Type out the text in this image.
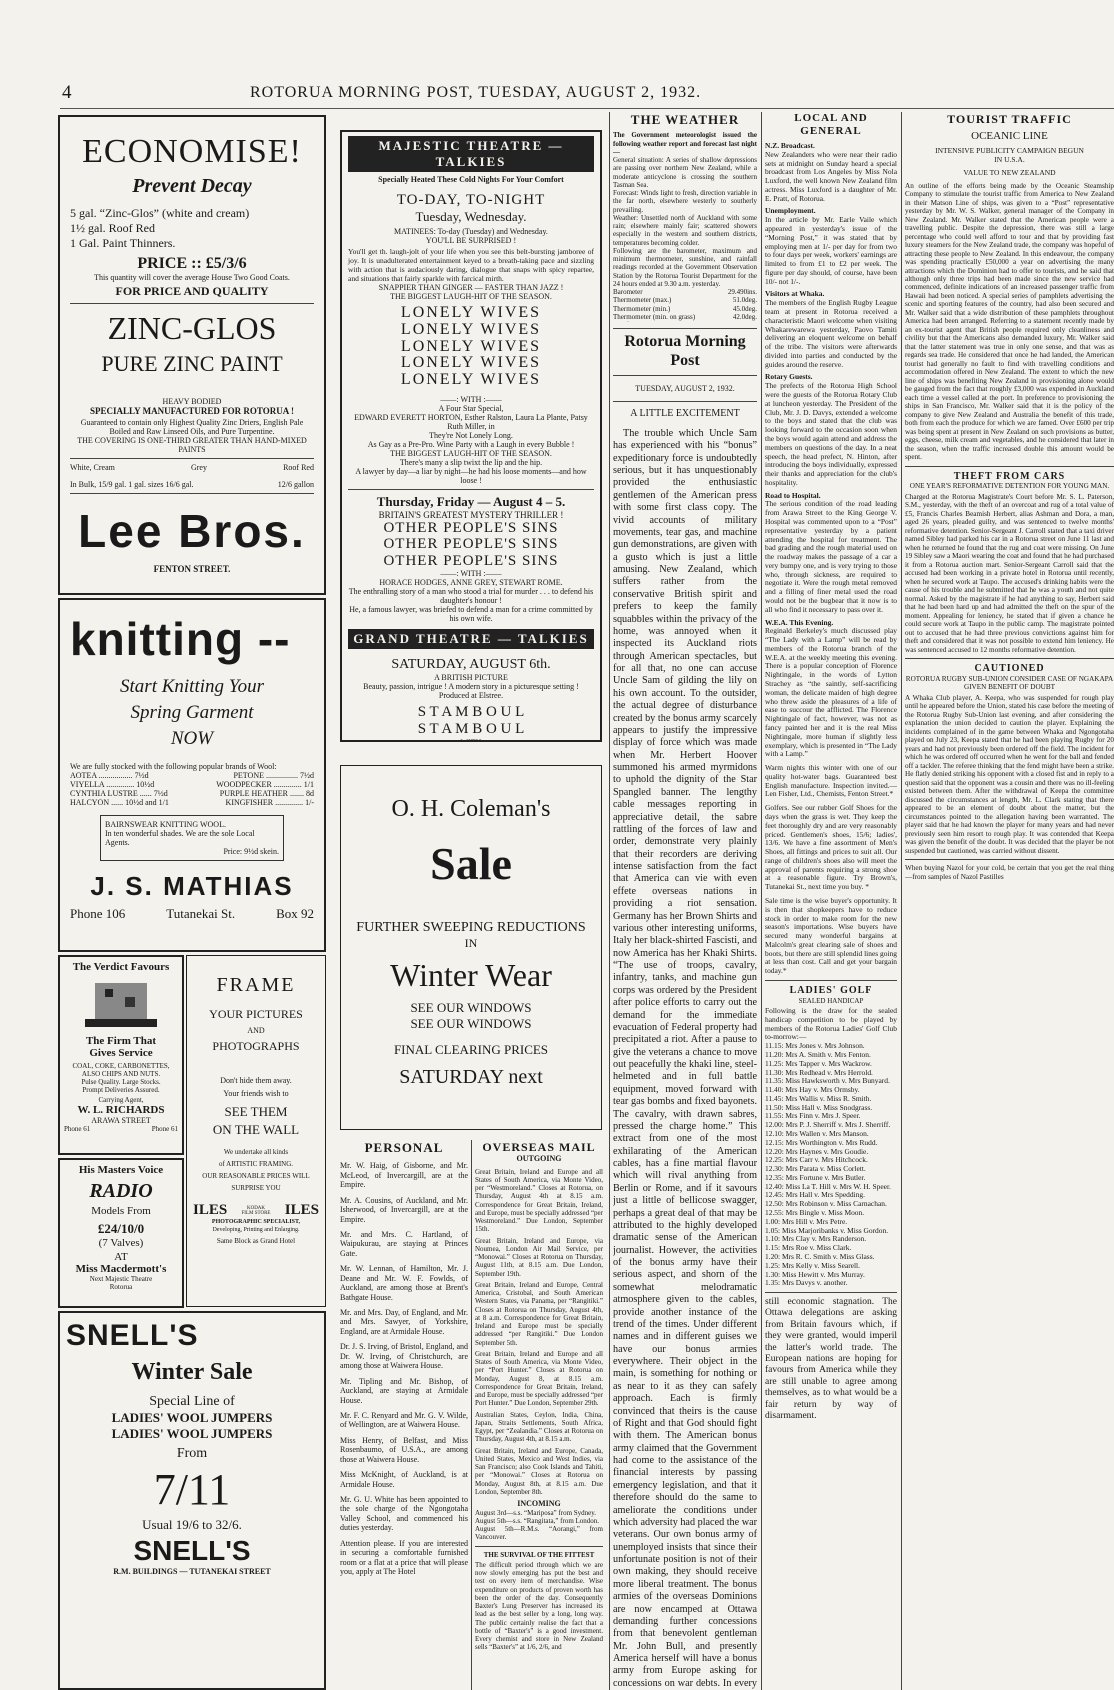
4	ROTORUA MORNING POST, TUESDAY, AUGUST 2, 1932.
ECONOMISE!
Prevent Decay
5 gal. “Zinc-Glos” (white and cream)
1½ gal. Roof Red
1 Gal. Paint Thinners.
PRICE :: £5/3/6
This quantity will cover the average House Two Good Coats.
FOR PRICE AND QUALITY
ZINC-GLOS
PURE ZINC PAINT
HEAVY BODIED
SPECIALLY MANUFACTURED FOR ROTORUA !
Guaranteed to contain only Highest Quality Zinc Driers, English Pale Boiled and Raw Linseed Oils, and Pure Turpentine.
THE COVERING IS ONE-THIRD GREATER THAN HAND-MIXED PAINTS
White, Cream	Grey	Roof Red
In Bulk, 15/9 gal. 1 gal. sizes 16/6 gal.	12/6 gallon
Lee Bros.
FENTON STREET.
knitting --
Start Knitting Your
Spring Garment
NOW
We are fully stocked with the following popular brands of Wool:
AOTEA ................. 7½d	PETONE ................ 7½d
VIYELLA .............. 10½d	WOODPECKER .............. 1/1
CYNTHIA LUSTRE ...... 7½d	PURPLE HEATHER ....... 8d
HALCYON ...... 10½d and 1/1	KINGFISHER .............. 1/-
BAIRNSWEAR KNITTING WOOL.
In ten wonderful shades. We are the sole Local Agents.
Price: 9½d skein.
J. S. MATHIAS
Phone 106	Tutanekai St.	Box 92
The Verdict Favours
The Firm That
Gives Service
COAL, COKE, CARBONETTES, ALSO CHIPS AND NUTS.
Pulse Quality. Large Stocks.
Prompt Deliveries Assured.
Carrying Agent,
W. L. RICHARDS
ARAWA STREET
Phone 61	Phone 61
FRAME
YOUR PICTURES
AND
PHOTOGRAPHS
Don't hide them away.
Your friends wish to
SEE THEM
ON THE WALL
We undertake all kinds
of ARTISTIC FRAMING.
OUR REASONABLE PRICES WILL
SURPRISE YOU
ILES	KODAK FILM STORE ILES
PHOTOGRAPHIC SPECIALIST,
Developing, Printing and Enlarging.
Same Block as Grand Hotel
His Masters Voice
RADIO
Models From
£24/10/0
(7 Valves)
AT
Miss Macdermott's
Next Majestic Theatre
Rotorua
SNELL'S
Winter Sale
Special Line of
LADIES' WOOL JUMPERS
LADIES' WOOL JUMPERS
From
7/11
Usual 19/6 to 32/6.
SNELL'S
R.M. BUILDINGS — TUTANEKAI STREET
MAJESTIC THEATRE — TALKIES
Specially Heated These Cold Nights For Your Comfort
TO-DAY, TO-NIGHT
Tuesday, Wednesday.
MATINEES: To-day (Tuesday) and Wednesday.
YOU'LL BE SURPRISED !
You'll get th. laugh-jolt of your life when you see this belt-bursting jamboree of joy. It is unadulterated entertainment keyed to a breath-taking pace and sizzling with action that is audaciously daring, dialogue that snaps with spicy repartee, and situations that fairly sparkle with farcical mirth.
SNAPPIER THAN GINGER — FASTER THAN JAZZ !
THE BIGGEST LAUGH-HIT OF THE SEASON.
LONELY WIVES
LONELY WIVES
LONELY WIVES
LONELY WIVES
LONELY WIVES
——: WITH :——
A Four Star Special,
EDWARD EVERETT HORTON, Esther Ralston, Laura La Plante, Patsy Ruth Miller, in
They're Not Lonely Long.
As Gay as a Pre-Pro. Wine Party with a Laugh in every Bubble !
THE BIGGEST LAUGH-HIT OF THE SEASON.
There's many a slip twixt the lip and the hip.
A lawyer by day—a liar by night—he had his loose moments—and how loose !
Thursday, Friday — August 4 – 5.
BRITAIN'S GREATEST MYSTERY THRILLER !
OTHER PEOPLE'S SINS
OTHER PEOPLE'S SINS
OTHER PEOPLE'S SINS
——: WITH :——
HORACE HODGES, ANNE GREY, STEWART ROME.
The enthralling story of a man who stood a trial for murder . . . to defend his daughter's honour !
He, a famous lawyer, was briefed to defend a man for a crime committed by his own wife.
GRAND THEATRE — TALKIES
SATURDAY, AUGUST 6th.
A BRITISH PICTURE
Beauty, passion, intrigue ! A modern story in a picturesque setting ! Produced at Elstree.
S T A M B O U L
S T A M B O U L
O. H. Coleman's
Sale
FURTHER SWEEPING REDUCTIONS
IN
Winter Wear
SEE OUR WINDOWS
SEE OUR WINDOWS
FINAL CLEARING PRICES
SATURDAY next
PERSONAL

Mr. W. Haig, of Gisborne, and Mr. McLeod, of Invercargill, are at the Empire.

Mr. A. Cousins, of Auckland, and Mr. Isherwood, of Invercargill, are at the Empire.

Mr. and Mrs. C. Hartland, of Waipukurau, are staying at Princes Gate.

Mr. W. Lennan, of Hamilton, Mr. J. Deane and Mr. W. F. Fowlds, of Auckland, are among those at Brent's Bathgate House.

Mr. and Mrs. Day, of England, and Mr. and Mrs. Sawyer, of Yorkshire, England, are at Armidale House.

Dr. J. S. Irving, of Bristol, England, and Dr. W. Irving, of Christchurch, are among those at Waiwera House.

Mr. Tipling and Mr. Bishop, of Auckland, are staying at Armidale House.

Mr. F. C. Renyard and Mr. G. V. Wilde, of Wellington, are at Waiwera House.

Miss Henry, of Belfast, and Miss Rosenbaumo, of U.S.A., are among those at Waiwera House.

Miss McKnight, of Auckland, is at Armidale House.

Mr. G. U. White has been appointed to the sole charge of the Ngongotaha Valley School, and commenced his duties yesterday.

Attention please. If you are interested in securing a comfortable furnished room or a flat at a price that will please you, apply at The Hotel

OVERSEAS MAIL
OUTGOING

Great Britain, Ireland and Europe and all States of South America, via Monte Video, per “Westmoreland.” Closes at Rotorua, on Thursday, August 4th at 8.15 a.m. Correspondence for Great Britain, Ireland, and Europe, must be specially addressed “per Westmoreland.” Due London, September 15th.

Great Britain, Ireland and Europe, via Noumea, London Air Mail Service, per “Monowai.” Closes at Rotorua on Thursday, August 11th, at 8.15 a.m. Due London, September 19th.

Great Britain, Ireland and Europe, Central America, Cristobal, and South American Western States, via Panama, per “Rangitiki.” Closes at Rotorua on Thursday, August 4th, at 8 a.m. Correspondence for Great Britain, Ireland and Europe must be specially addressed “per Rangitiki.” Due London September 5th.

Great Britain, Ireland and Europe and all States of South America, via Monte Video, per “Port Hunter.” Closes at Rotorua on Monday, August 8, at 8.15 a.m. Correspondence for Great Britain, Ireland, and Europe, must be specially addressed “per Port Hunter.” Due London, September 29th.

Australian States, Ceylon, India, China, Japan, Straits Settlements, South Africa, Egypt, per “Zealandia.” Closes at Rotorua on Thursday, August 4th, at 8.15 a.m.

Great Britain, Ireland and Europe, Canada, United States, Mexico and West Indies, via San Francisco; also Cook Islands and Tahiti, per “Monowai.” Closes at Rotorua on Monday, August 8th, at 8.15 a.m. Due London, September 8th.

INCOMING

August 3rd—s.s. “Mariposa” from Sydney.

August 5th—s.s. “Rangitata,” from London.

August 5th—R.M.s. “Aorangi,” from Vancouver.

THE SURVIVAL OF THE FITTEST

The difficult period through which we are now slowly emerging has put the best and test on every item of merchandise. Wise expenditure on products of proven worth has been the order of the day. Consequently Baxter's Lung Preserver has increased its lead as the best seller by a long, long way. The public certainly realise the fact that a bottle of “Baxter's” is a good investment. Every chemist and store in New Zealand sells “Baxter's” at 1/6, 2/6, and

THE WEATHER

The Government meteorologist issued the following weather report and forecast last night—

General situation: A series of shallow depressions are passing over northern New Zealand, while a moderate anticyclone is crossing the southern Tasman Sea.

Forecast: Winds light to fresh, direction variable in the far north, elsewhere westerly to southerly prevailing.

Weather: Unsettled north of Auckland with some rain; elsewhere mainly fair; scattered showers especially in the western and southern districts, temperatures becoming colder.

Following are the barometer, maximum and minimum thermometer, sunshine, and rainfall readings recorded at the Government Observation Station by the Rotorua Tourist Department for the 24 hours ended at 9.30 a.m. yesterday.

Barometer	29.490ins.
Thermometer (max.)	51.0deg.
Thermometer (min.)	45.0deg.
Thermometer (min. on grass)	42.0deg.
Rotorua Morning Post
TUESDAY, AUGUST 2, 1932.
A LITTLE EXCITEMENT

The trouble which Uncle Sam has experienced with his “bonus” expeditionary force is undoubtedly serious, but it has unquestionably provided the enthusiastic gentlemen of the American press with some first class copy. The vivid accounts of military movements, tear gas, and machine gun demonstrations, are given with a gusto which is just a little amusing. New Zealand, which suffers rather from the conservative British spirit and prefers to keep the family squabbles within the privacy of the home, was annoyed when it inspected its Auckland riots through American spectacles, but for all that, no one can accuse Uncle Sam of gilding the lily on his own account. To the outsider, the actual degree of disturbance created by the bonus army scarcely appears to justify the impressive display of force which was made when Mr. Herbert Hoover summoned his armed myrmidons to uphold the dignity of the Star Spangled banner. The lengthy cable messages reporting in appreciative detail, the sabre rattling of the forces of law and order, demonstrate very plainly that their recorders are deriving intense satisfaction from the fact that America can vie with even effete overseas nations in providing a riot sensation. Germany has her Brown Shirts and various other interesting uniforms, Italy her black-shirted Fascisti, and now America has her Khaki Shirts. “The use of troops, cavalry, infantry, tanks, and machine gun corps was ordered by the President after police efforts to carry out the demand for the immediate evacuation of Federal property had precipitated a riot. After a pause to give the veterans a chance to move out peacefully the khaki line, steel-helmeted and in full battle equipment, moved forward with tear gas bombs and fixed bayonets. The cavalry, with drawn sabres, pressed the charge home.” This extract from one of the most exhilarating of the American cables, has a fine martial flavour which will rival anything from Berlin or Rome, and if it savours just a little of bellicose swagger, perhaps a great deal of that may be attributed to the highly developed dramatic sense of the American journalist. However, the activities of the bonus army have their serious aspect, and shorn of the somewhat melodramatic atmosphere given to the cables, provide another instance of the trend of the times. Under different names and in different guises we have our bonus armies everywhere. Their object in the main, is something for nothing or as near to it as they can safely approach. Each is firmly convinced that theirs is the cause of Right and that God should fight with them. The American bonus army claimed that the Government had come to the assistance of the financial interests by passing emergency legislation, and that it therefore should do the same to ameliorate the conditions under which adversity had placed the war veterans. Our own bonus army of unemployed insists that since their unfortunate position is not of their own making, they should receive more liberal treatment. The bonus armies of the overseas Dominions are now encamped at Ottawa demanding further concessions from that benevolent gentleman Mr. John Bull, and presently America herself will have a bonus army from Europe asking for concessions on war debts. In every

LOCAL AND GENERAL
N.Z. Broadcast.

New Zealanders who were near their radio sets at midnight on Sunday heard a special broadcast from Los Angeles by Miss Nola Luxford, the well known New Zealand film actress. Miss Luxford is a daughter of Mr. E. Pratt, of Rotorua.

Unemployment.

In the article by Mr. Earle Vaile which appeared in yesterday's issue of the “Morning Post,” it was stated that by employing men at 1/- per day for from two to four days per week, workers' earnings are limited to from £1 to £2 per week. The figure per day should, of course, have been 10/- not 1/-.

Visitors at Whaka.

The members of the English Rugby League team at present in Rotorua received a characteristic Maori welcome when visiting Whakarewarewa yesterday, Paovo Tamiti delivering an eloquent welcome on behalf of the tribe. The visitors were afterwards divided into parties and conducted by the guides around the reserve.

Rotary Guests.

The prefects of the Rotorua High School were the guests of the Rotorua Rotary Club at luncheon yesterday. The President of the Club, Mr. J. D. Davys, extended a welcome to the boys and stated that the club was looking forward to the occasion soon when the boys would again attend and address the members on questions of the day. In a neat speech, the head prefect, N. Hinton, after introducing the boys individually, expressed their thanks and appreciation for the club's hospitality.

Road to Hospital.

The serious condition of the road leading from Arawa Street to the King George V. Hospital was commented upon to a “Post” representative yesterday by a patient attending the hospital for treatment. The bad grading and the rough material used on the roadway makes the passage of a car a very bumpy one, and is very trying to those who, through sickness, are required to negotiate it. Were the rough metal removed and a filling of finer metal used the road would not be the bugbear that it now is to all who find it necessary to pass over it.

W.E.A. This Evening.

Reginald Berkeley's much discussed play “The Lady with a Lamp” will be read by members of the Rotorua branch of the W.E.A. at the weekly meeting this evening. There is a popular conception of Florence Nightingale, in the words of Lytton Strachey as “the saintly, self-sacrificing woman, the delicate maiden of high degree who threw aside the pleasures of a life of ease to succour the afflicted. The Florence Nightingale of fact, however, was not as fancy painted her and it is the real Miss Nightingale, more human if slightly less exemplary, which is presented in “The Lady with a Lamp.”

Warm nights this winter with one of our quality hot-water bags. Guaranteed best English manufacture. Inspection invited.—Len Fisher, Ltd., Chemists, Fenton Street.*

Golfers. See our rubber Golf Shoes for the days when the grass is wet. They keep the feet thoroughly dry and are very reasonably priced. Gentlemen's shoes, 15/6; ladies', 13/6. We have a fine assortment of Men's Shoes, all fittings and prices to suit all. Our range of children's shoes also will meet the approval of parents requiring a strong shoe at a reasonable figure. Try Brown's, Tutanekai St., next time you buy. *

Sale time is the wise buyer's opportunity. It is then that shopkeepers have to reduce stock in order to make room for the new season's importations. Wise buyers have secured many wonderful bargains at Malcolm's great clearing sale of shoes and boots, but there are still splendid lines going at less than cost. Call and get your bargain today.*

LADIES' GOLF
SEALED HANDICAP

Following is the draw for the sealed handicap competition to be played by members of the Rotorua Ladies' Golf Club to-morrow:—

11.15: Mrs Jones v. Mrs Johnson.
11.20: Mrs A. Smith v. Mrs Fenton.
11.25: Mrs Tapper v. Mrs Wackrow.
11.30: Mrs Redhead v. Mrs Herrold.
11.35: Miss Hawksworth v. Mrs Bunyard.
11.40: Mrs Hay v. Mrs Ormsby.
11.45: Mrs Wallis v. Miss R. Smith.
11.50: Miss Hall v. Miss Snodgrass.
11.55: Mrs Finn v. Mrs J. Speer.
12.00: Mrs P. J. Sherriff v. Mrs J. Sherriff.
12.10: Mrs Wallen v. Mrs Manson.
12.15: Mrs Worthington v. Mrs Rudd.
12.20: Mrs Haynes v. Mrs Goudie.
12.25: Mrs Carr v. Mrs Hitchcock.
12.30: Mrs Parata v. Miss Corlett.
12.35: Mrs Fortune v. Mrs Butler.
12.40: Miss La T. Hill v. Mrs W. H. Speer.
12.45: Mrs Hall v. Mrs Spedding.
12.50: Mrs Robinson v. Miss Carnachan.
12.55: Mrs Bingle v. Miss Moon.
1.00: Mrs Hill v. Mrs Petre.
1.05: Miss Marjoribanks v. Miss Gordon.
1.10: Mrs Clay v. Mrs Randerson.
1.15: Mrs Roe v. Miss Clark.
1.20: Mrs R. C. Smith v. Miss Glass.
1.25: Mrs Kelly v. Miss Searell.
1.30: Miss Hewitt v. Mrs Murray.
1.35: Mrs Davys v. another.

still economic stagnation. The Ottawa delegations are asking from Britain favours which, if they were granted, would imperil the latter's world trade. The European nations are hoping for favours from America while they are still unable to agree among themselves, as to what would be a fair return by way of disarmament.

TOURIST TRAFFIC
OCEANIC LINE
INTENSIVE PUBLICITY CAMPAIGN BEGUN
IN U.S.A.
VALUE TO NEW ZEALAND

An outline of the efforts being made by the Oceanic Steamship Company to stimulate the tourist traffic from America to New Zealand in their Matson Line of ships, was given to a “Post” representative yesterday by Mr. W. S. Walker, general manager of the Company in New Zealand. Mr. Walker stated that the American people were a travelling public. Despite the depression, there was still a large percentage who could well afford to tour and that by providing fast luxury steamers for the New Zealand trade, the company was hopeful of attracting these people to New Zealand. In this endeavour, the company was spending practically £50,000 a year on advertising the many attractions which the Dominion had to offer to tourists, and he said that although only three trips had been made since the new service had commenced, definite indications of an increased passenger traffic from Hawaii had been noticed. A special series of pamphlets advertising the scenic and sporting features of the country, had also been secured and Mr. Walker said that a wide distribution of these pamphlets throughout America had been arranged. Referring to a statement recently made by an ex-tourist agent that British people required only cleanliness and civility but that the Americans also demanded luxury, Mr. Walker said that the latter statement was true in only one sense, and that was as regards sea trade. He considered that once he had landed, the American tourist had generally no fault to find with travelling conditions and accommodation offered in New Zealand. The extent to which the new line of ships was benefiting New Zealand in provisioning alone would be gauged from the fact that roughly £3,000 was expended in Auckland each time a vessel called at the port. In preference to provisioning the ships in San Francisco, Mr. Walker said that it is the policy of the company to give New Zealand and Australia the benefit of this trade, both from each the produce for which we are famed. Over £600 per trip was being spent at present in New Zealand on such provisions as butter, eggs, cheese, milk cream and vegetables, and he considered that later in the season, when the traffic increased double this amount would be spent.

THEFT FROM CARS
ONE YEAR'S REFORMATIVE DETENTION FOR YOUNG MAN.

Charged at the Rotorua Magistrate's Court before Mr. S. L. Paterson, S.M., yesterday, with the theft of an overcoat and rug of a total value of £5, Francis Charles Beamish Herbert, alias Ashman and Dora, a man, aged 26 years, pleaded guilty, and was sentenced to twelve months' reformative detention. Senior-Sergeant J. Carroll stated that a taxi driver named Sibley had parked his car in a Rotorua street on June 11 last and when he returned he found that the rug and coat were missing. On June 19 Sibley saw a Maori wearing the coat and found that he had purchased it from a Rotorua auction mart. Senior-Sergeant Carroll said that the accused had been working in a private hotel in Rotorua until recently, when he secured work at Taupo. The accused's drinking habits were the cause of his trouble and he submitted that he was a youth and not quite normal. Asked by the magistrate if he had anything to say, Herbert said that he had been hard up and had admitted the theft on the spur of the moment. Appealing for leniency, he stated that if given a chance he could secure work at Taupo in the public camp. The magistrate pointed out to accused that he had three previous convictions against him for theft and considered that it was not possible to extend him leniency. He was sentenced accused to 12 months reformative detention.

CAUTIONED
ROTORUA RUGBY SUB-UNION CONSIDER CASE OF NGAKAPA
GIVEN BENEFIT OF DOUBT

A Whaka Club player, A. Keepa, who was suspended for rough play until he appeared before the Union, stated his case before the meeting of the Rotorua Rugby Sub-Union last evening, and after considering the explanation the union decided to caution the player. Explaining the incidents complained of in the game between Whaka and Ngongotaha played on July 23, Keepa stated that he had been playing Rugby for 20 years and had not previously been ordered off the field. The incident for which he was ordered off occurred when he went for the ball and fended off a tackler. The referee thinking that the fend might have been a strike. He flatly denied striking his opponent with a closed fist and in reply to a question said that the opponent was a cousin and there was no ill-feeling existed between them. After the withdrawal of Keepa the committee discussed the circumstances at length, Mr. L. Clark stating that there appeared to be an element of doubt about the matter, but the circumstances pointed to the allegation having been warranted. The player said that he had known the player for many years and had never previously seen him resort to rough play. It was contended that Keepa was given the benefit of the doubt. It was decided that the player be not suspended but cautioned, was carried without dissent.

When buying Nazol for your cold, be certain that you get the real thing—from samples of Nazol Pastilles
